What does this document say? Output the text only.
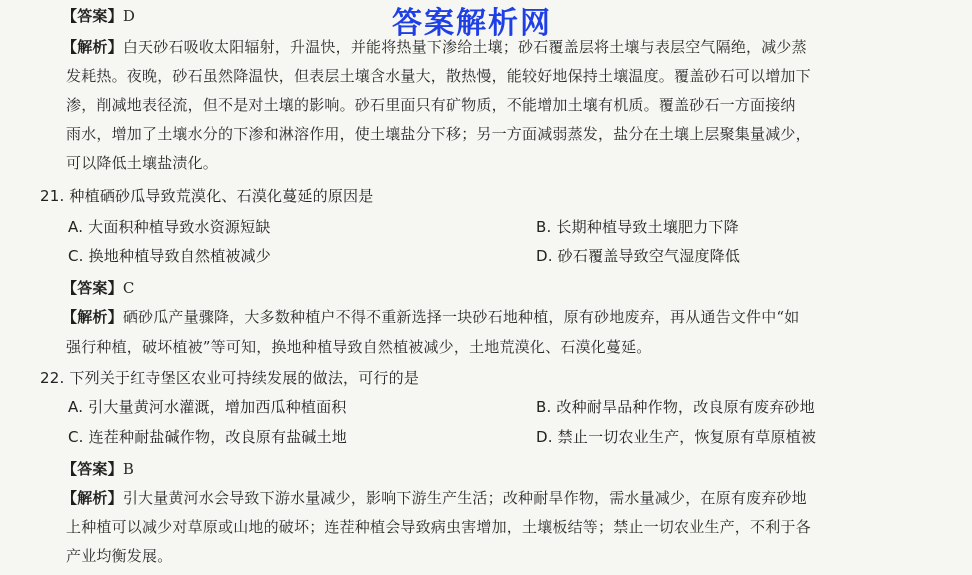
答案解析网
【答案】D
【解析】白天砂石吸收太阳辐射，升温快，并能将热量下渗给土壤；砂石覆盖层将土壤与表层空气隔绝，减少蒸
发耗热。夜晚，砂石虽然降温快，但表层土壤含水量大，散热慢，能较好地保持土壤温度。覆盖砂石可以增加下
渗，削减地表径流，但不是对土壤的影响。砂石里面只有矿物质，不能增加土壤有机质。覆盖砂石一方面接纳
雨水，增加了土壤水分的下渗和淋溶作用，使土壤盐分下移；另一方面减弱蒸发，盐分在土壤上层聚集量减少，
可以降低土壤盐渍化。
21. 种植硒砂瓜导致荒漠化、石漠化蔓延的原因是
A. 大面积种植导致水资源短缺	B. 长期种植导致土壤肥力下降
C. 换地种植导致自然植被减少	D. 砂石覆盖导致空气湿度降低
【答案】C
【解析】硒砂瓜产量骤降，大多数种植户不得不重新选择一块砂石地种植，原有砂地废弃，再从通告文件中“如
强行种植，破坏植被”等可知，换地种植导致自然植被减少，土地荒漠化、石漠化蔓延。
22. 下列关于红寺堡区农业可持续发展的做法，可行的是
A. 引大量黄河水灌溉，增加西瓜种植面积	B. 改种耐旱品种作物，改良原有废弃砂地
C. 连茬种耐盐碱作物，改良原有盐碱土地	D. 禁止一切农业生产，恢复原有草原植被
【答案】B
【解析】引大量黄河水会导致下游水量减少，影响下游生产生活；改种耐旱作物，需水量减少，在原有废弃砂地
上种植可以减少对草原或山地的破坏；连茬种植会导致病虫害增加，土壤板结等；禁止一切农业生产，不利于各
产业均衡发展。
